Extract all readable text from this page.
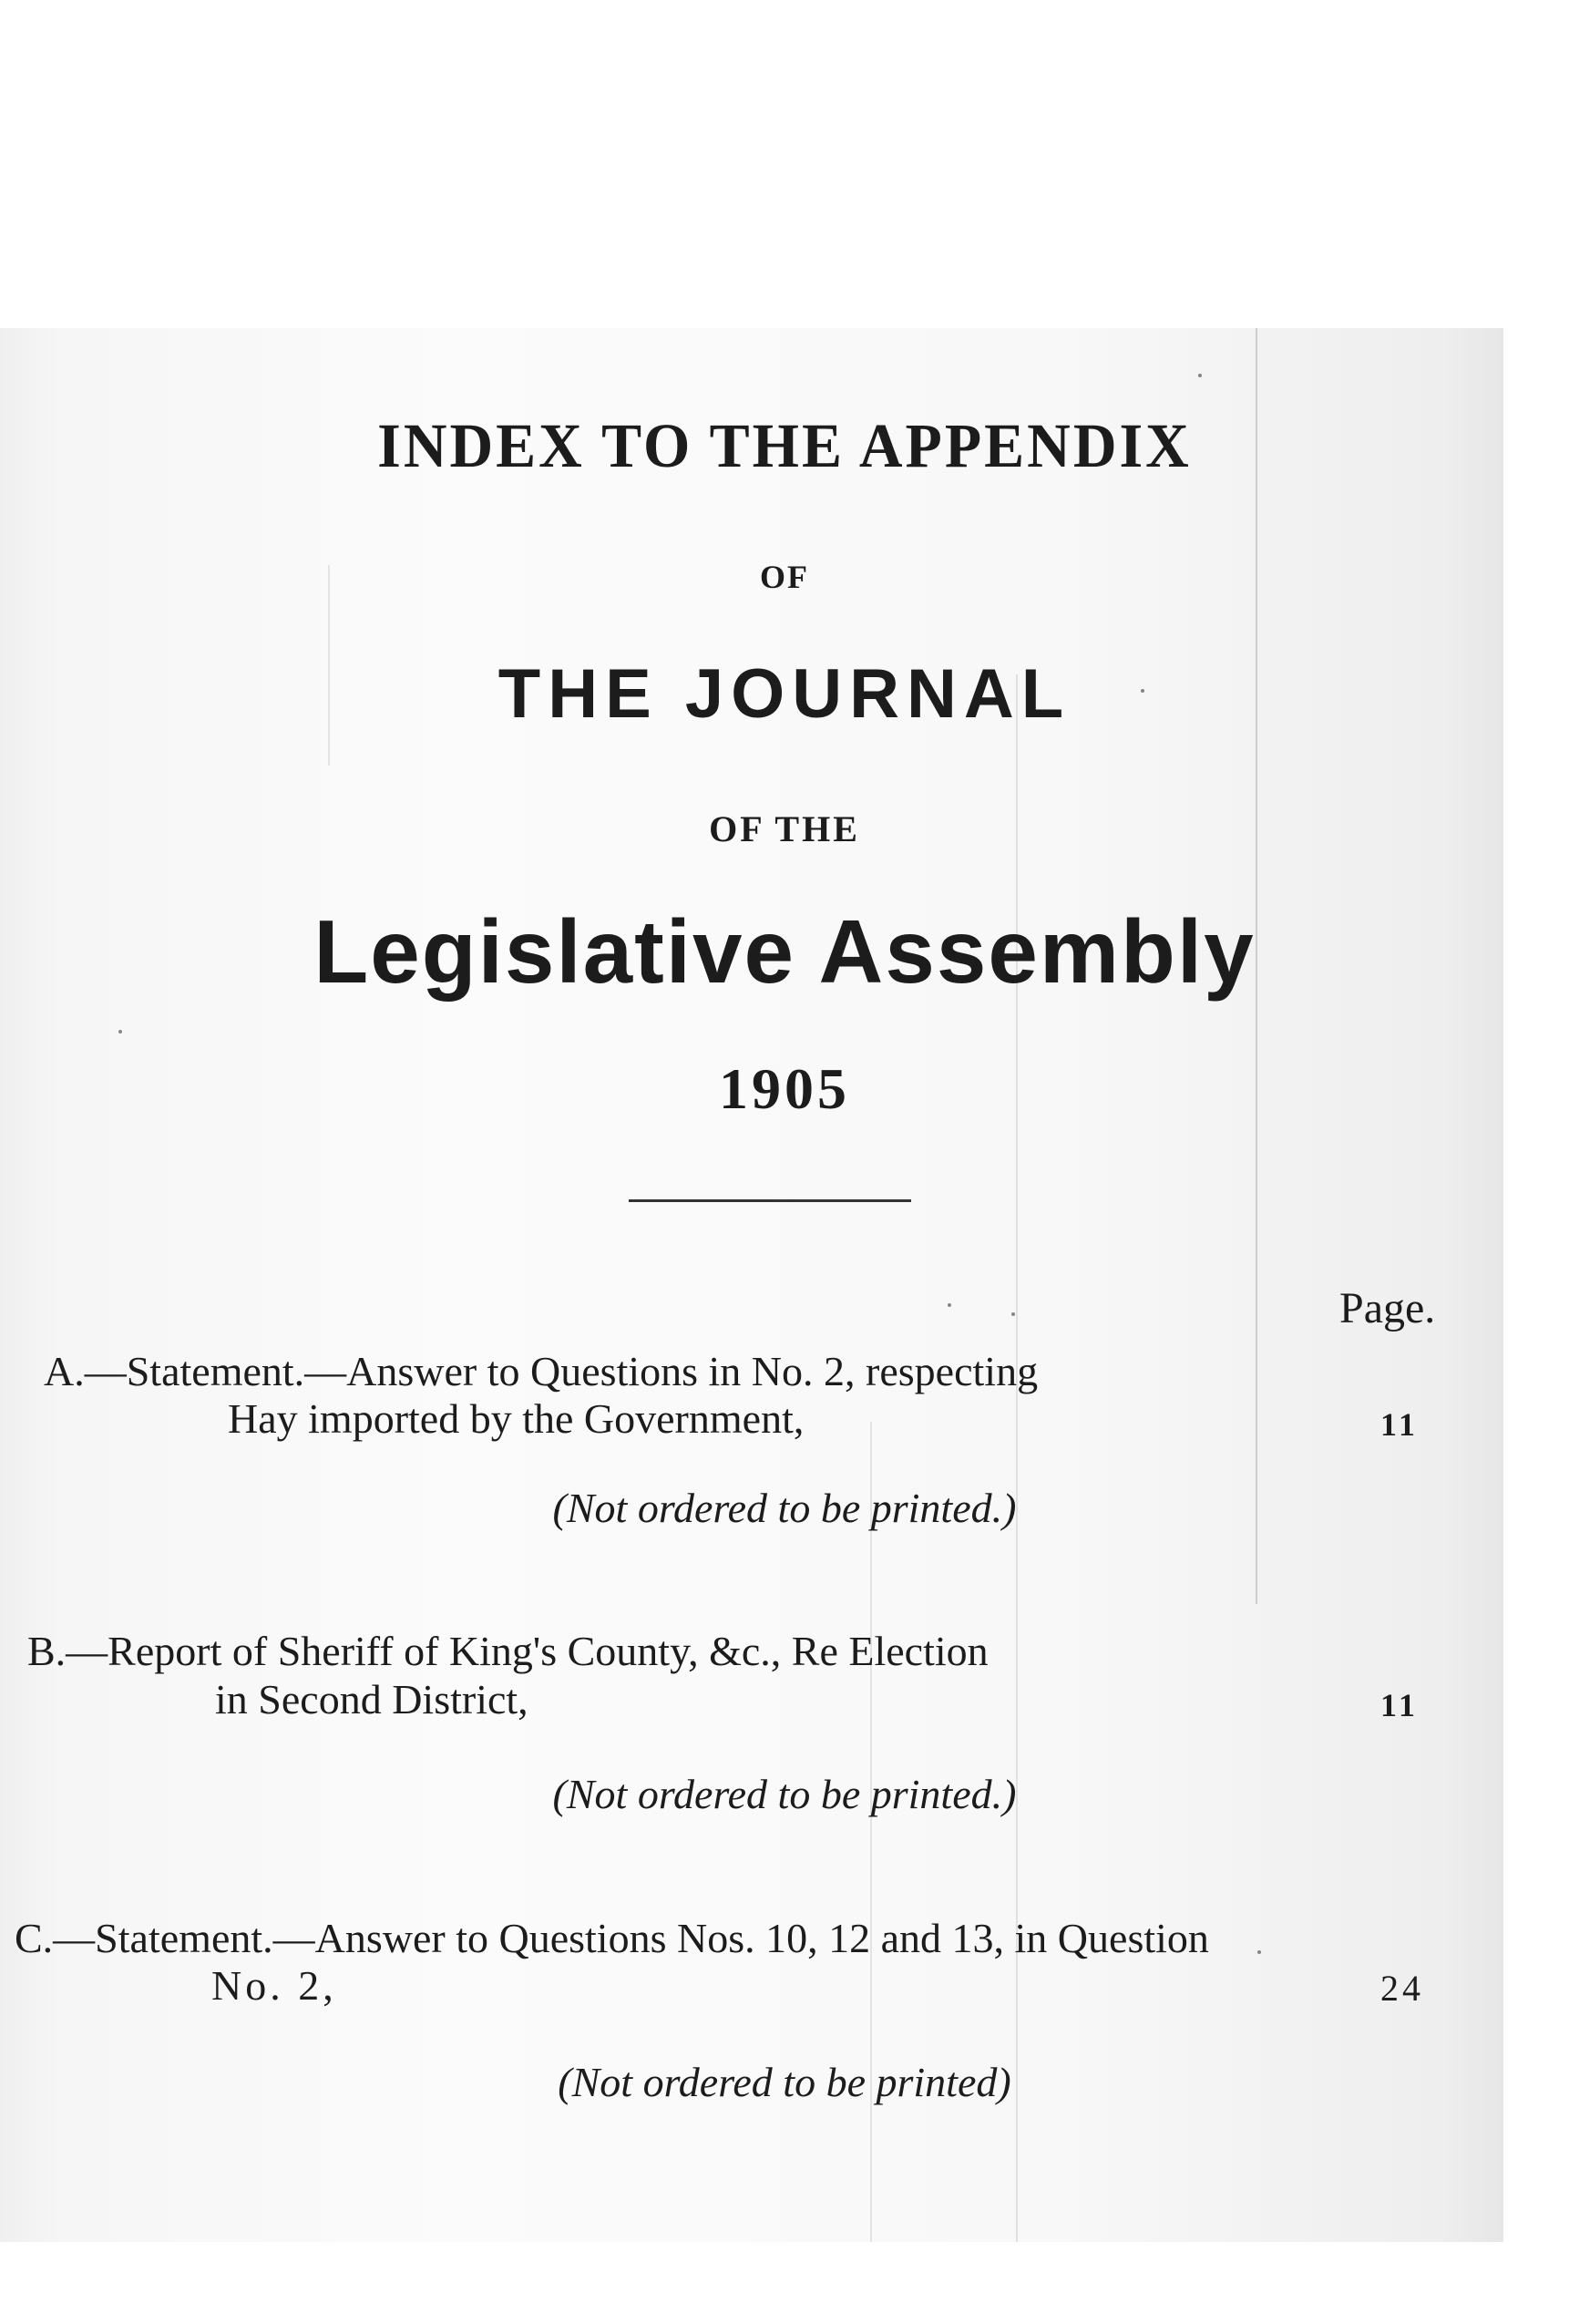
INDEX TO THE APPENDIX
OF
THE JOURNAL
OF THE
Legislative Assembly
1905
Page.
A.—Statement.—Answer to Questions in No. 2, respecting
Hay imported by the Government,	11
(Not ordered to be printed.)
B.—Report of Sheriff of King's County, &c., Re Election
in Second District,	11
(Not ordered to be printed.)
C.—Statement.—Answer to Questions Nos. 10, 12 and 13, in Question
No. 2,	24
(Not ordered to be printed)
